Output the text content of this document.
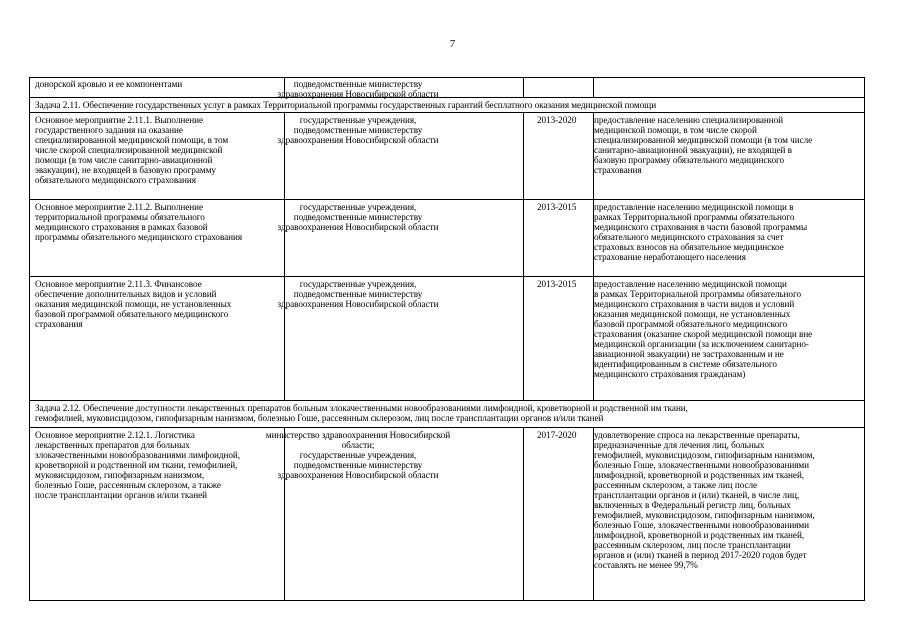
7
донорской кровью и ее компонентами	подведомственные министерству
здравоохранения Новосибирской области
Задача 2.11. Обеспечение государственных услуг в рамках Территориальной программы государственных гарантий бесплатного оказания медицинской помощи
Основное мероприятие 2.11.1. Выполнение
государственного задания на оказание
специализированной медицинской помощи, в том
числе скорой специализированной медицинской
помощи (в том числе санитарно-авиационной
эвакуации), не входящей в базовую программу
обязательного медицинского страхования
государственные учреждения,
подведомственные министерству
здравоохранения Новосибирской области
2013-2020 предоставление населению специализированной
медицинской помощи, в том числе скорой
специализированной медицинской помощи (в том числе
санитарно-авиационной эвакуации), не входящей в
базовую программу обязательного медицинского
страхования
Основное мероприятие 2.11.2. Выполнение
территориальной программы обязательного
медицинского страхования в рамках базовой
программы обязательного медицинского страхования
государственные учреждения,
подведомственные министерству
здравоохранения Новосибирской области
2013-2015 предоставление населению медицинской помощи в
рамках Территориальной программы обязательного
медицинского страхования в части базовой программы
обязательного медицинского страхования за счет
страховых взносов на обязательное медицинское
страхование неработающего населения
Основное мероприятие 2.11.3. Финансовое
обеспечение дополнительных видов и условий
оказания медицинской помощи, не установленных
базовой программой обязательного медицинского
страхования
государственные учреждения,
подведомственные министерству
здравоохранения Новосибирской области
2013-2015 предоставление населению медицинской помощи
в рамках Территориальной программы обязательного
медицинского страхования в части видов и условий
оказания медицинской помощи, не установленных
базовой программой обязательного медицинского
страхования (оказание скорой медицинской помощи вне
медицинской организации (за исключением санитарно-
авиационной эвакуации) не застрахованным и не
идентифицированным в системе обязательного
медицинского страхования гражданам)
Задача 2.12. Обеспечение доступности лекарственных препаратов больным злокачественными новообразованиями лимфоидной, кроветворной и родственной им ткани,
гемофилией, муковисцидозом, гипофизарным нанизмом, болезнью Гоше, рассеянным склерозом, лиц после трансплантации органов и/или тканей
Основное мероприятие 2.12.1. Логистика
лекарственных препаратов для больных
злокачественными новообразованиями лимфоидной,
кроветворной и родственной им ткани, гемофилией,
муковисцидозом, гипофизарным нанизмом,
болезнью Гоше, рассеянным склерозом, а также
после трансплантации органов и/или тканей
министерство здравоохранения Новосибирской
области;
государственные учреждения,
подведомственные министерству
здравоохранения Новосибирской области
2017-2020 удовлетворение спроса на лекарственные препараты,
предназначенные для лечения лиц, больных
гемофилией, муковисцидозом, гипофизарным нанизмом,
болезнью Гоше, злокачественными новообразованиями
лимфоидной, кроветворной и родственных им тканей,
рассеянным склерозом, а также лиц после
трансплантации органов и (или) тканей, в числе лиц,
включенных в Федеральный регистр лиц, больных
гемофилией, муковисцидозом, гипофизарным нанизмом,
болезнью Гоше, злокачественными новообразованиями
лимфоидной, кроветворной и родственных им тканей,
рассеянным склерозом, лиц после трансплантации
органов и (или) тканей в период 2017-2020 годов будет
составлять не менее 99,7%
